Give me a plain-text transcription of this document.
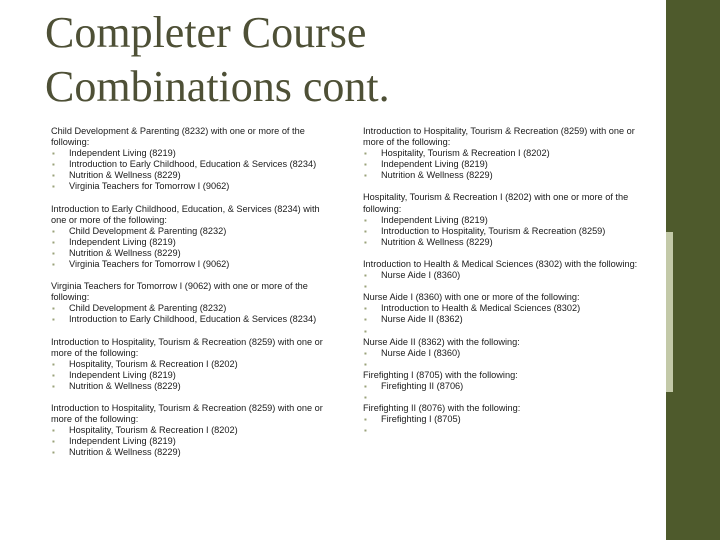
Completer Course
Combinations cont.

Child Development & Parenting (8232) with one or more of the following:

▪ Independent Living (8219)
▪ Introduction to Early Childhood, Education & Services (8234)
▪ Nutrition & Wellness (8229)
▪ Virginia Teachers for Tomorrow I (9062)

Introduction to Early Childhood, Education, & Services (8234) with one or more of the following:

▪ Child Development & Parenting (8232)
▪ Independent Living (8219)
▪ Nutrition & Wellness (8229)
▪ Virginia Teachers for Tomorrow I (9062)

Virginia Teachers for Tomorrow I (9062) with one or more of the following:

▪ Child Development & Parenting (8232)
▪ Introduction to Early Childhood, Education & Services (8234)

Introduction to Hospitality, Tourism & Recreation (8259) with one or more of the following:

▪ Hospitality, Tourism & Recreation I (8202)
▪ Independent Living (8219)
▪ Nutrition & Wellness (8229)

Introduction to Hospitality, Tourism & Recreation (8259) with one or more of the following:

▪ Hospitality, Tourism & Recreation I (8202)
▪ Independent Living (8219)
▪ Nutrition & Wellness (8229)

Introduction to Hospitality, Tourism & Recreation (8259) with one or more of the following:

▪ Hospitality, Tourism & Recreation I (8202)
▪ Independent Living (8219)
▪ Nutrition & Wellness (8229)

Hospitality, Tourism & Recreation I (8202) with one or more of the following:

▪ Independent Living (8219)
▪ Introduction to Hospitality, Tourism & Recreation (8259)
▪ Nutrition & Wellness (8229)

Introduction to Health & Medical Sciences (8302) with the following:

▪ Nurse Aide I (8360)
▪

Nurse Aide I (8360) with one or more of the following:

▪ Introduction to Health & Medical Sciences (8302)
▪ Nurse Aide II (8362)
▪

Nurse Aide II (8362) with the following:

▪ Nurse Aide I (8360)
▪

Firefighting I (8705) with the following:

▪ Firefighting II (8706)
▪

Firefighting II (8076) with the following:

▪ Firefighting I (8705)
▪
